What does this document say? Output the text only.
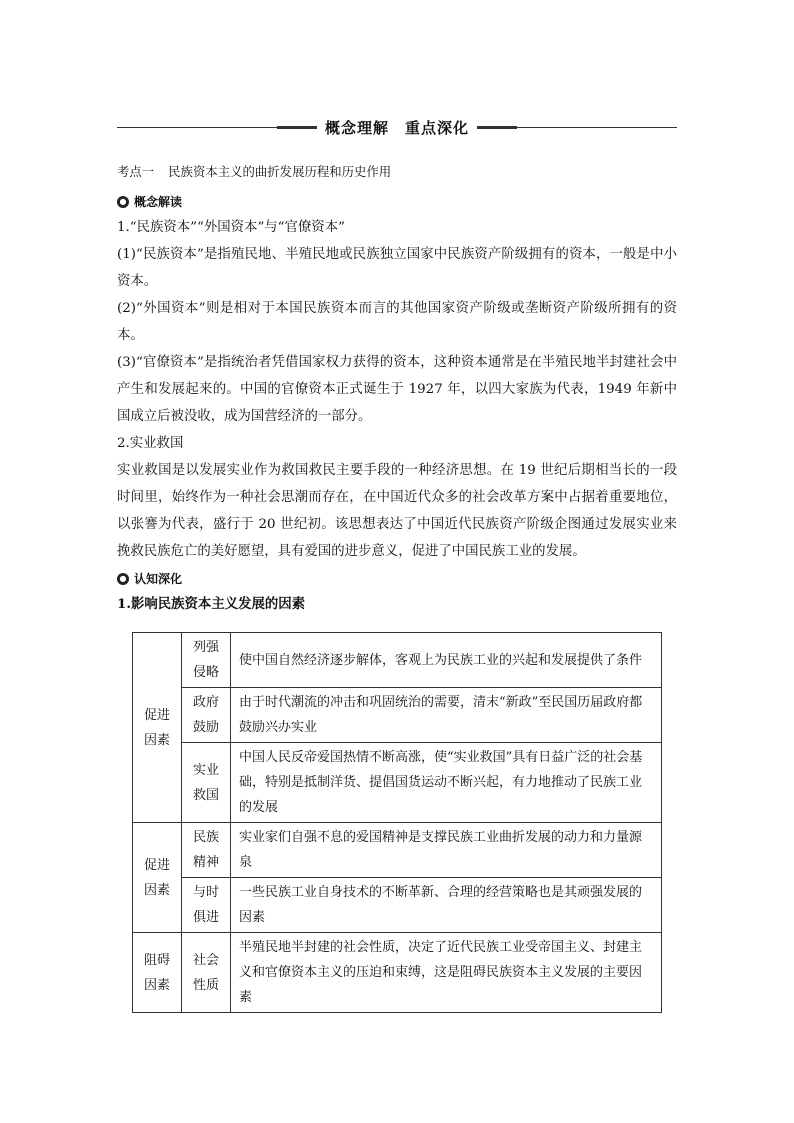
概念理解　重点深化
考点一 民族资本主义的曲折发展历程和历史作用
● 概念解读

1.“民族资本”“外国资本”与“官僚资本”

(1)“民族资本”是指殖民地、半殖民地或民族独立国家中民族资产阶级拥有的资本，一般是中小资本。

(2)“外国资本”则是相对于本国民族资本而言的其他国家资产阶级或垄断资产阶级所拥有的资本。

(3)“官僚资本”是指统治者凭借国家权力获得的资本，这种资本通常是在半殖民地半封建社会中产生和发展起来的。中国的官僚资本正式诞生于 1927 年，以四大家族为代表，1949 年新中国成立后被没收，成为国营经济的一部分。

2.实业救国

实业救国是以发展实业作为救国救民主要手段的一种经济思想。在 19 世纪后期相当长的一段时间里，始终作为一种社会思潮而存在，在中国近代众多的社会改革方案中占据着重要地位，以张謇为代表，盛行于 20 世纪初。该思想表达了中国近代民族资产阶级企图通过发展实业来挽救民族危亡的美好愿望，具有爱国的进步意义，促进了中国民族工业的发展。

● 认知深化

1.影响民族资本主义发展的因素

促进因素	列强侵略	使中国自然经济逐步解体，客观上为民族工业的兴起和发展提供了条件
	政府鼓励	由于时代潮流的冲击和巩固统治的需要，清末“新政”至民国历届政府都鼓励兴办实业
	实业救国	中国人民反帝爱国热情不断高涨，使“实业救国”具有日益广泛的社会基础，特别是抵制洋货、提倡国货运动不断兴起，有力地推动了民族工业的发展
促进因素	民族精神	实业家们自强不息的爱国精神是支撑民族工业曲折发展的动力和力量源泉
	与时俱进	一些民族工业自身技术的不断革新、合理的经营策略也是其顽强发展的因素
阻碍因素	社会性质	半殖民地半封建的社会性质，决定了近代民族工业受帝国主义、封建主义和官僚资本主义的压迫和束缚，这是阻碍民族资本主义发展的主要因素
